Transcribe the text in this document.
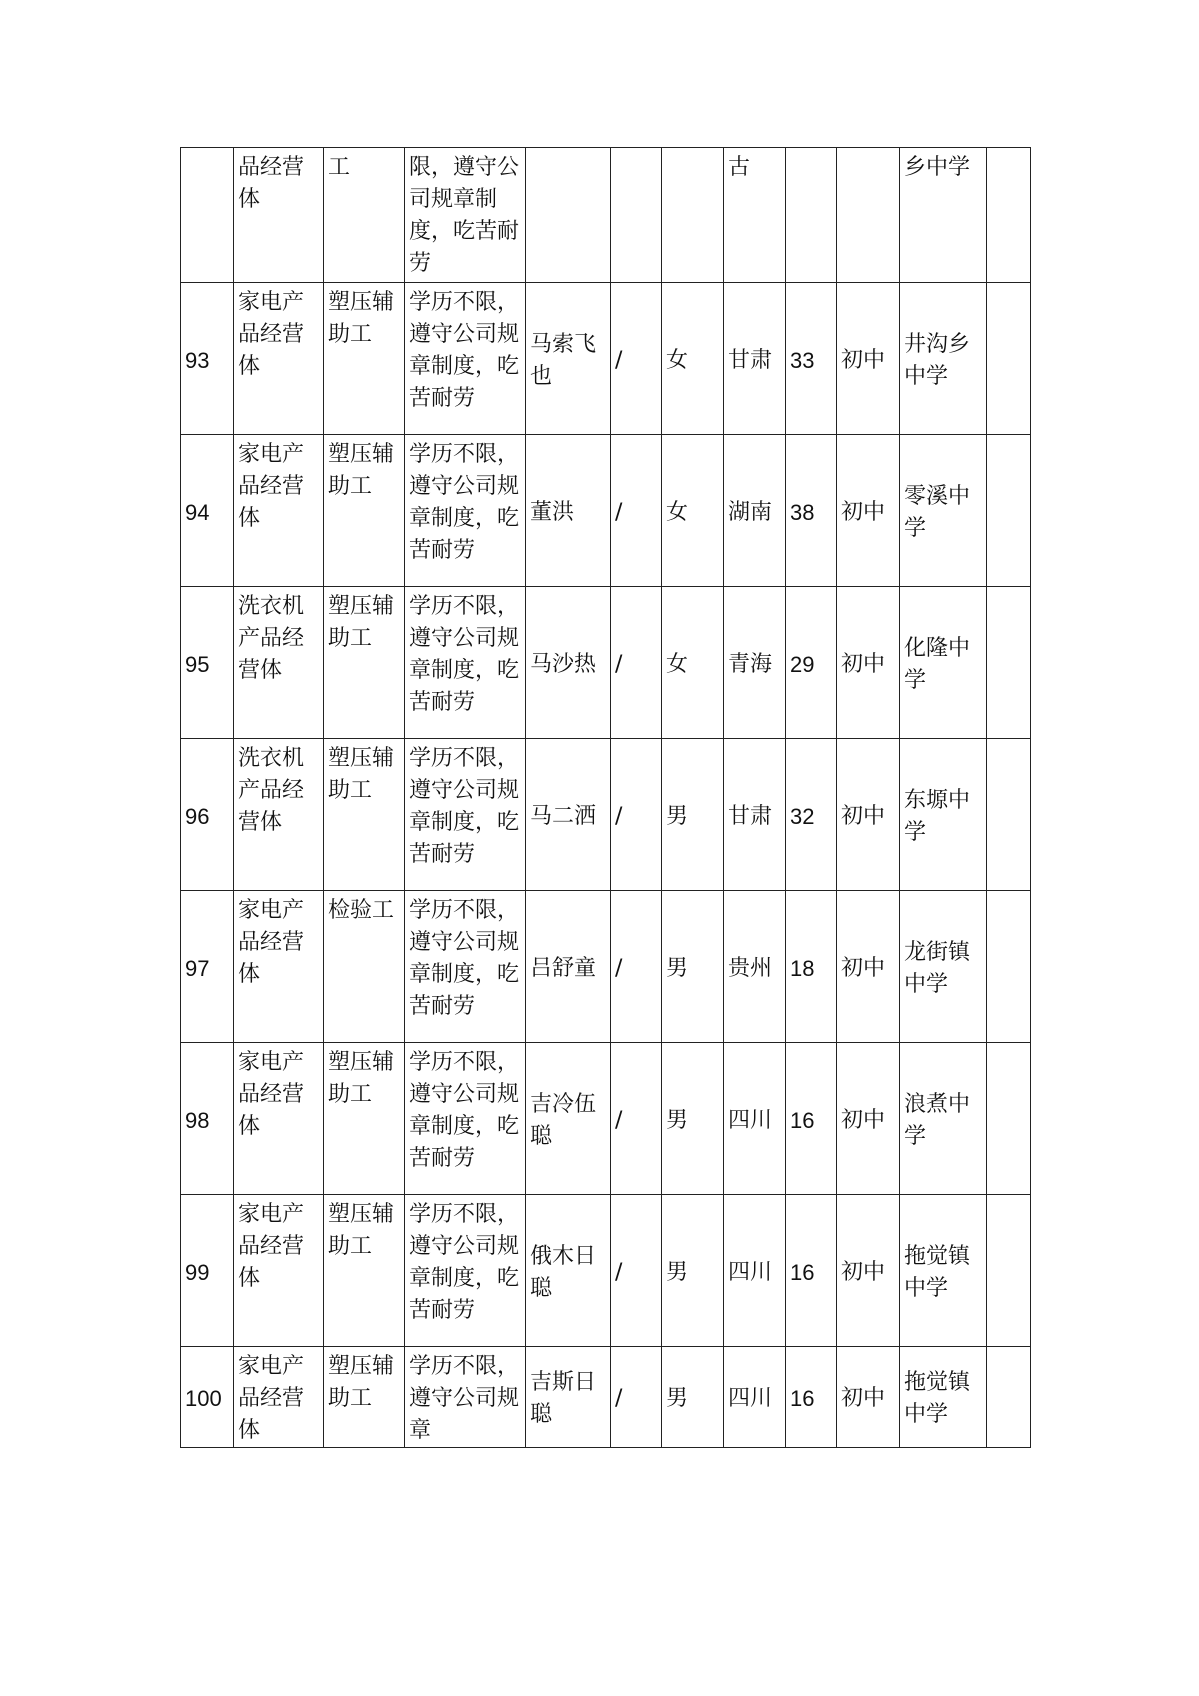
	品经营体	工	限，遵守公司规章制度，吃苦耐劳				古			乡中学	
93	家电产品经营体	塑压辅助工	学历不限，遵守公司规章制度，吃苦耐劳	马索飞也	/	女	甘肃	33	初中	井沟乡中学	
94	家电产品经营体	塑压辅助工	学历不限，遵守公司规章制度，吃苦耐劳	董洪	/	女	湖南	38	初中	零溪中学	
95	洗衣机产品经营体	塑压辅助工	学历不限，遵守公司规章制度，吃苦耐劳	马沙热	/	女	青海	29	初中	化隆中学	
96	洗衣机产品经营体	塑压辅助工	学历不限，遵守公司规章制度，吃苦耐劳	马二洒	/	男	甘肃	32	初中	东塬中学	
97	家电产品经营体	检验工	学历不限，遵守公司规章制度，吃苦耐劳	吕舒童	/	男	贵州	18	初中	龙街镇中学	
98	家电产品经营体	塑压辅助工	学历不限，遵守公司规章制度，吃苦耐劳	吉冷伍聪	/	男	四川	16	初中	浪煮中学	
99	家电产品经营体	塑压辅助工	学历不限，遵守公司规章制度，吃苦耐劳	俄木日聪	/	男	四川	16	初中	拖觉镇中学	
100	家电产品经营体	塑压辅助工	学历不限，遵守公司规章	吉斯日聪	/	男	四川	16	初中	拖觉镇中学	
